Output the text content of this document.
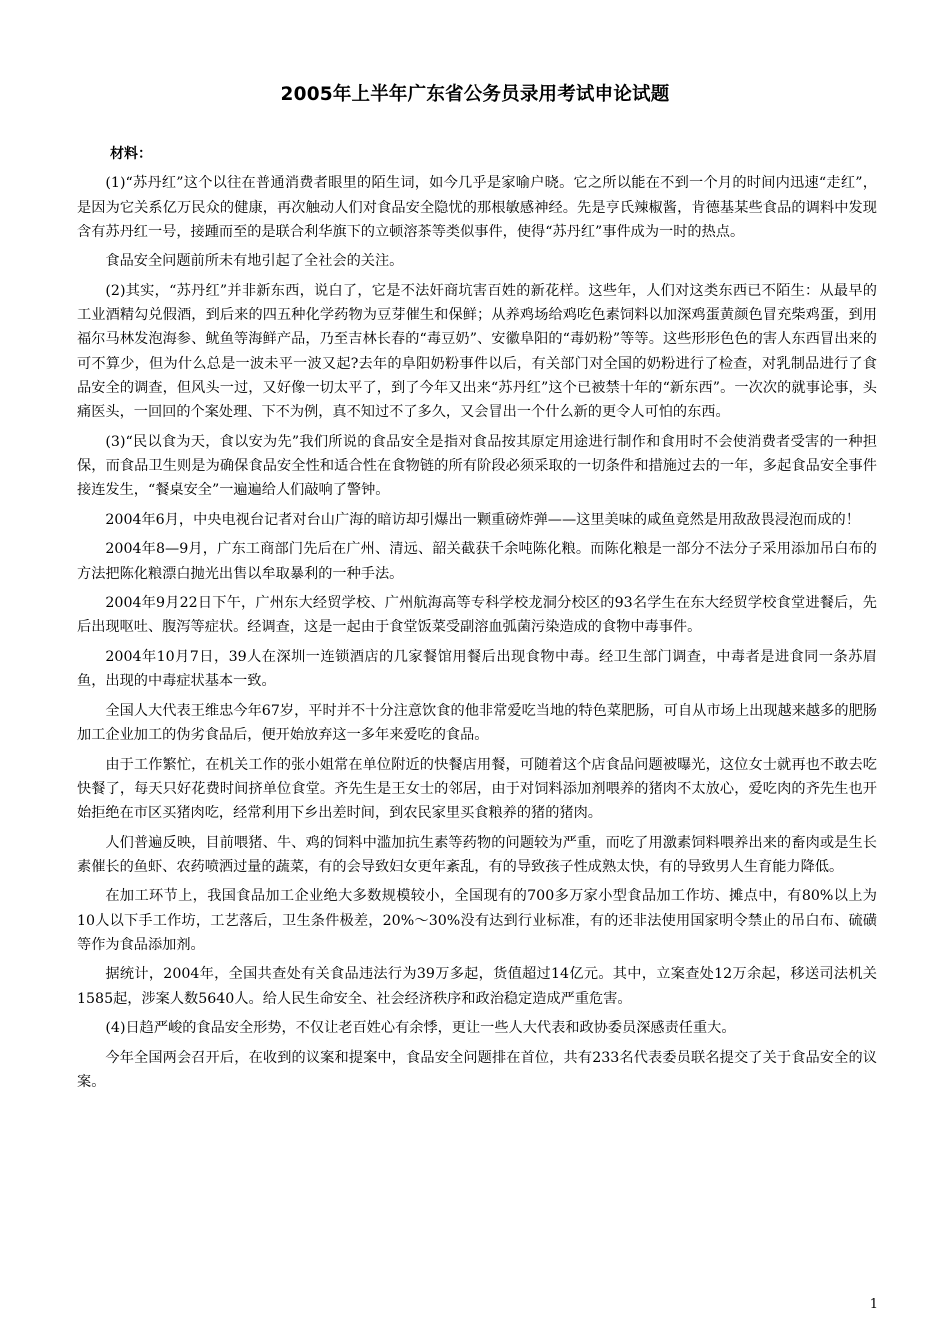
2005年上半年广东省公务员录用考试申论试题

材料：

(1)“苏丹红”这个以往在普通消费者眼里的陌生词，如今几乎是家喻户晓。它之所以能在不到一个月的时间内迅速“走红”，是因为它关系亿万民众的健康，再次触动人们对食品安全隐忧的那根敏感神经。先是亨氏辣椒酱，肯德基某些食品的调料中发现含有苏丹红一号，接踵而至的是联合利华旗下的立顿溶茶等类似事件，使得“苏丹红”事件成为一时的热点。

食品安全问题前所未有地引起了全社会的关注。

(2)其实，“苏丹红”并非新东西，说白了，它是不法奸商坑害百姓的新花样。这些年，人们对这类东西已不陌生：从最早的工业酒精勾兑假酒，到后来的四五种化学药物为豆芽催生和保鲜；从养鸡场给鸡吃色素饲料以加深鸡蛋黄颜色冒充柴鸡蛋，到用福尔马林发泡海参、鱿鱼等海鲜产品，乃至吉林长春的“毒豆奶”、安徽阜阳的“毒奶粉”等等。这些形形色色的害人东西冒出来的可不算少，但为什么总是一波未平一波又起?去年的阜阳奶粉事件以后，有关部门对全国的奶粉进行了检查，对乳制品进行了食品安全的调查，但风头一过，又好像一切太平了，到了今年又出来“苏丹红”这个已被禁十年的“新东西”。一次次的就事论事，头痛医头，一回回的个案处理、下不为例，真不知过不了多久，又会冒出一个什么新的更令人可怕的东西。

(3)“民以食为天，食以安为先”我们所说的食品安全是指对食品按其原定用途进行制作和食用时不会使消费者受害的一种担保，而食品卫生则是为确保食品安全性和适合性在食物链的所有阶段必须采取的一切条件和措施过去的一年，多起食品安全事件接连发生，“餐桌安全”一遍遍给人们敲响了警钟。

2004年6月，中央电视台记者对台山广海的暗访却引爆出一颗重磅炸弹——这里美味的咸鱼竟然是用敌敌畏浸泡而成的！

2004年8—9月，广东工商部门先后在广州、清远、韶关截获千余吨陈化粮。而陈化粮是一部分不法分子采用添加吊白布的方法把陈化粮漂白抛光出售以牟取暴利的一种手法。

2004年9月22日下午，广州东大经贸学校、广州航海高等专科学校龙洞分校区的93名学生在东大经贸学校食堂进餐后，先后出现呕吐、腹泻等症状。经调查，这是一起由于食堂饭菜受副溶血弧菌污染造成的食物中毒事件。

2004年10月7日，39人在深圳一连锁酒店的几家餐馆用餐后出现食物中毒。经卫生部门调查，中毒者是进食同一条苏眉鱼，出现的中毒症状基本一致。

全国人大代表王维忠今年67岁，平时并不十分注意饮食的他非常爱吃当地的特色菜肥肠，可自从市场上出现越来越多的肥肠加工企业加工的伪劣食品后，便开始放弃这一多年来爱吃的食品。

由于工作繁忙，在机关工作的张小姐常在单位附近的快餐店用餐，可随着这个店食品问题被曝光，这位女士就再也不敢去吃快餐了，每天只好花费时间挤单位食堂。齐先生是王女士的邻居，由于对饲料添加剂喂养的猪肉不太放心，爱吃肉的齐先生也开始拒绝在市区买猪肉吃，经常利用下乡出差时间，到农民家里买食粮养的猪的猪肉。

人们普遍反映，目前喂猪、牛、鸡的饲料中滥加抗生素等药物的问题较为严重，而吃了用激素饲料喂养出来的畜肉或是生长素催长的鱼虾、农药喷洒过量的蔬菜，有的会导致妇女更年紊乱，有的导致孩子性成熟太快，有的导致男人生育能力降低。

在加工环节上，我国食品加工企业绝大多数规模较小，全国现有的700多万家小型食品加工作坊、摊点中，有80%以上为10人以下手工作坊，工艺落后，卫生条件极差，20%～30%没有达到行业标准，有的还非法使用国家明令禁止的吊白布、硫磺等作为食品添加剂。

据统计，2004年，全国共查处有关食品违法行为39万多起，货值超过14亿元。其中，立案查处12万余起，移送司法机关1585起，涉案人数5640人。给人民生命安全、社会经济秩序和政治稳定造成严重危害。

(4)日趋严峻的食品安全形势，不仅让老百姓心有余悸，更让一些人大代表和政协委员深感责任重大。

今年全国两会召开后，在收到的议案和提案中，食品安全问题排在首位，共有233名代表委员联名提交了关于食品安全的议案。

1
